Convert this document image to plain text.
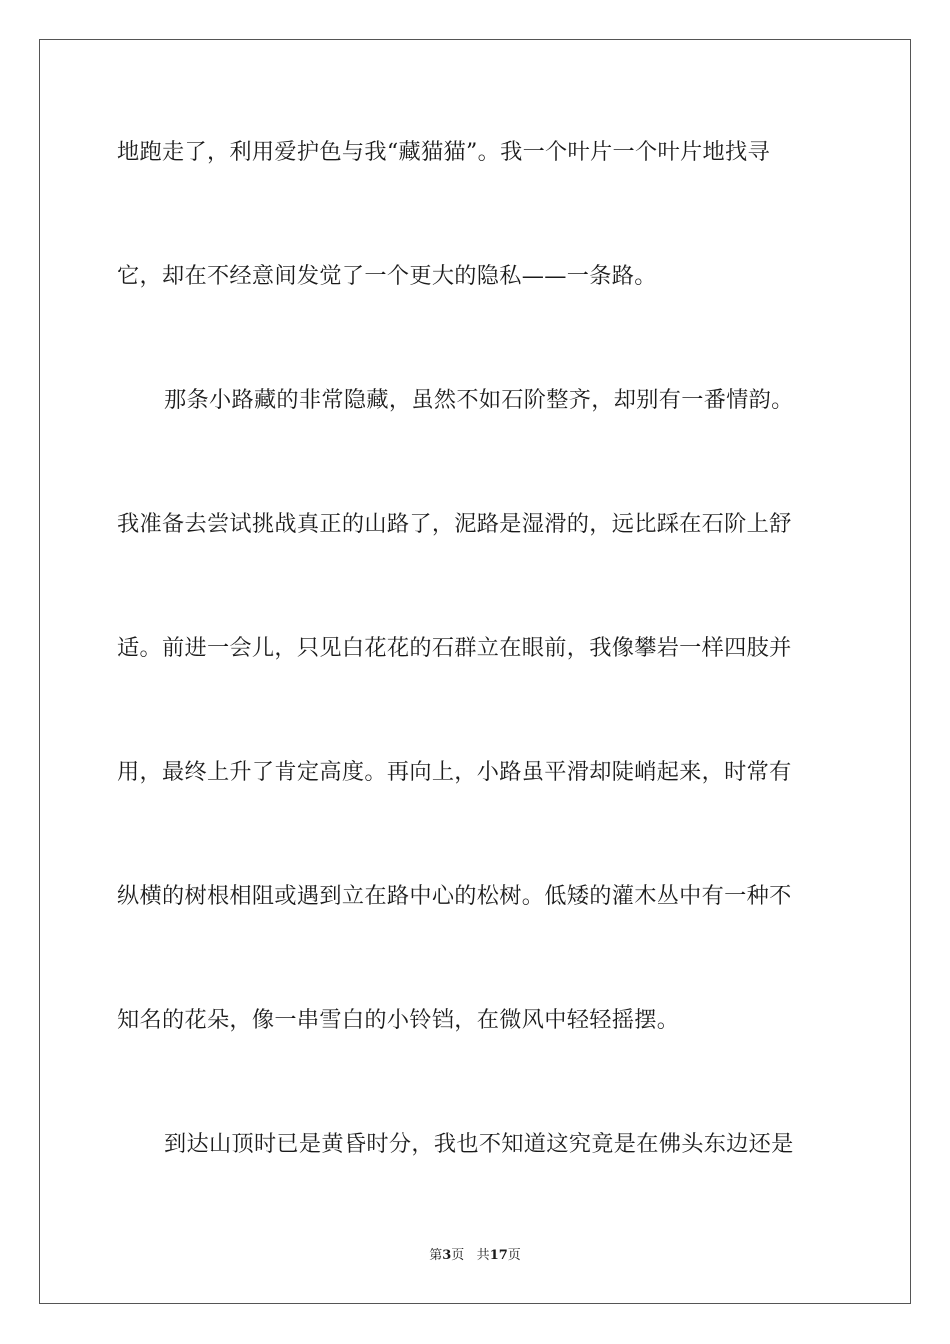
地跑走了，利用爱护色与我“藏猫猫”。我一个叶片一个叶片地找寻
它，却在不经意间发觉了一个更大的隐私——一条路。
那条小路藏的非常隐藏，虽然不如石阶整齐，却别有一番情韵。
我准备去尝试挑战真正的山路了，泥路是湿滑的，远比踩在石阶上舒
适。前进一会儿，只见白花花的石群立在眼前，我像攀岩一样四肢并
用，最终上升了肯定高度。再向上，小路虽平滑却陡峭起来，时常有
纵横的树根相阻或遇到立在路中心的松树。低矮的灌木丛中有一种不
知名的花朵，像一串雪白的小铃铛，在微风中轻轻摇摆。
到达山顶时已是黄昏时分，我也不知道这究竟是在佛头东边还是
第3页 共17页
